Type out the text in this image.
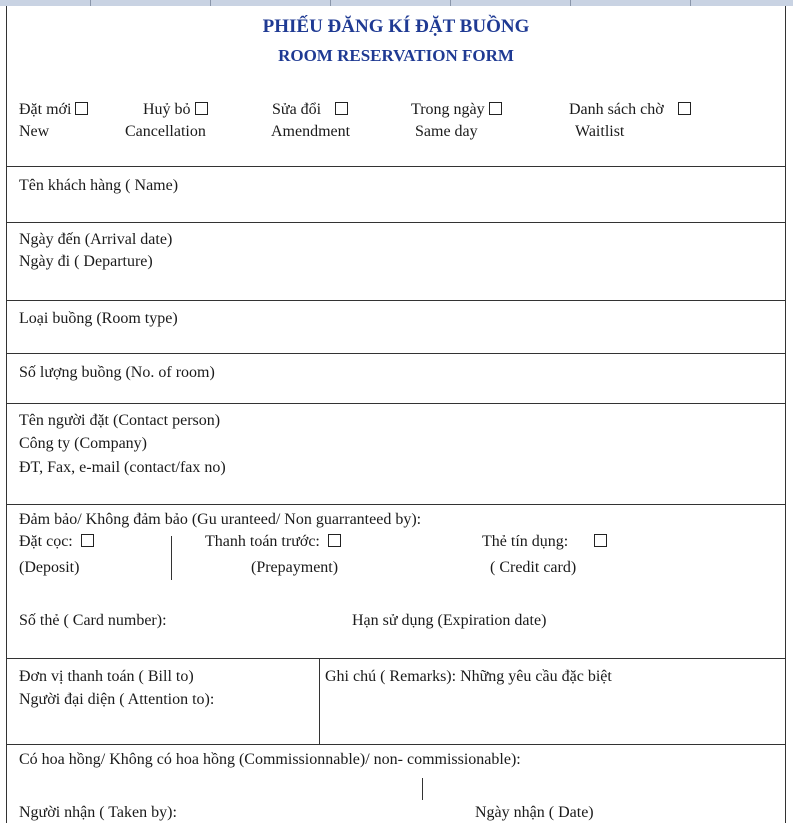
PHIẾU ĐĂNG KÍ ĐẶT BUỒNG
ROOM RESERVATION FORM
Đặt mới
New
Huỷ bỏ
Cancellation
Sửa đổi
Amendment
Trong ngày
Same day
Danh sách chờ
Waitlist
Tên khách hàng ( Name)
Ngày đến (Arrival date)
Ngày đi ( Departure)
Loại buồng (Room type)
Số lượng buồng (No. of room)
Tên người đặt (Contact person)
Công ty (Company)
ĐT, Fax, e-mail (contact/fax no)
Đảm bảo/ Không đảm bảo (Gu uranteed/ Non guarranteed by):
Đặt cọc:
(Deposit)
Thanh toán trước:
(Prepayment)
Thẻ tín dụng:
( Credit card)
Số thẻ ( Card number):	Hạn sử dụng (Expiration date)
Đơn vị thanh toán ( Bill to)
Người đại diện ( Attention to):
Ghi chú ( Remarks): Những yêu cầu đặc biệt
Có hoa hồng/ Không có hoa hồng (Commissionnable)/ non- commissionable):
Người nhận ( Taken by):	Ngày nhận ( Date)
